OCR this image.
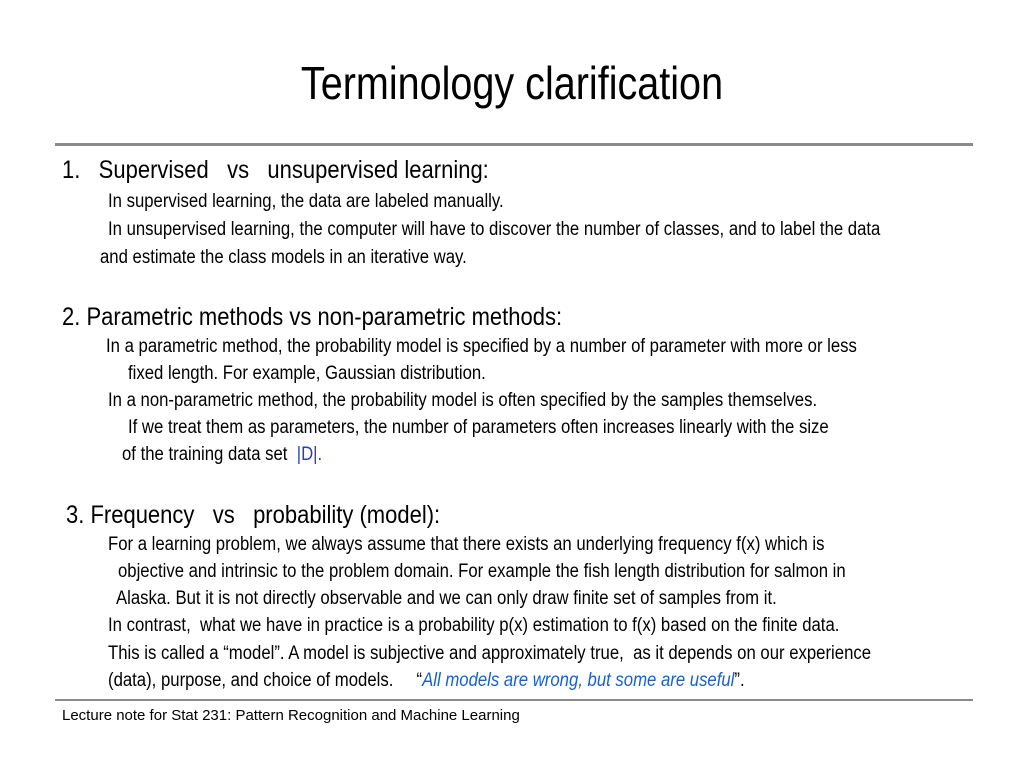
Terminology clarification
1.   Supervised   vs   unsupervised learning:
In supervised learning, the data are labeled manually.
In unsupervised learning, the computer will have to discover the number of classes, and to label the data
and estimate the class models in an iterative way.
2. Parametric methods vs non-parametric methods:
In a parametric method, the probability model is specified by a number of parameter with more or less
fixed length. For example, Gaussian distribution.
In a non-parametric method, the probability model is often specified by the samples themselves.
If we treat them as parameters, the number of parameters often increases linearly with the size
of the training data set  |D|.
3. Frequency   vs   probability (model):
For a learning problem, we always assume that there exists an underlying frequency f(x) which is
objective and intrinsic to the problem domain. For example the fish length distribution for salmon in
Alaska. But it is not directly observable and we can only draw finite set of samples from it.
In contrast,  what we have in practice is a probability p(x) estimation to f(x) based on the finite data.
This is called a “model”. A model is subjective and approximately true,  as it depends on our experience
(data), purpose, and choice of models.     “All models are wrong, but some are useful”.
Lecture note for Stat 231: Pattern Recognition and Machine Learning
